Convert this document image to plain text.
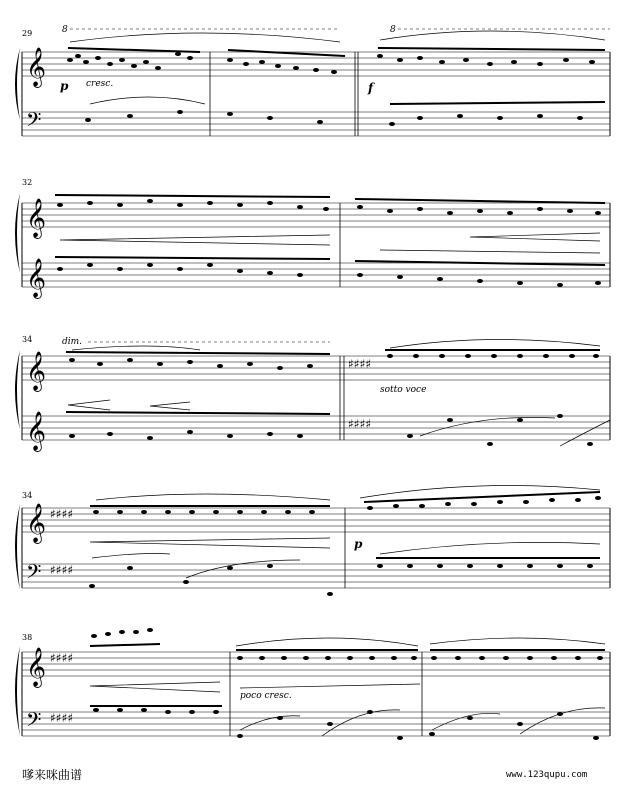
29	8	8
𝄞
𝄢
p cresc.	f
32
𝄞
𝄞
34	dim.
𝄞
𝄞
♯♯♯♯
♯♯♯♯
sotto voce
34
𝄞
𝄢
♯♯♯♯
♯♯♯♯
p
38
𝄞
𝄢
♯♯♯♯
♯♯♯♯
poco cresc.
嗲来咪曲谱	www.123qupu.com
